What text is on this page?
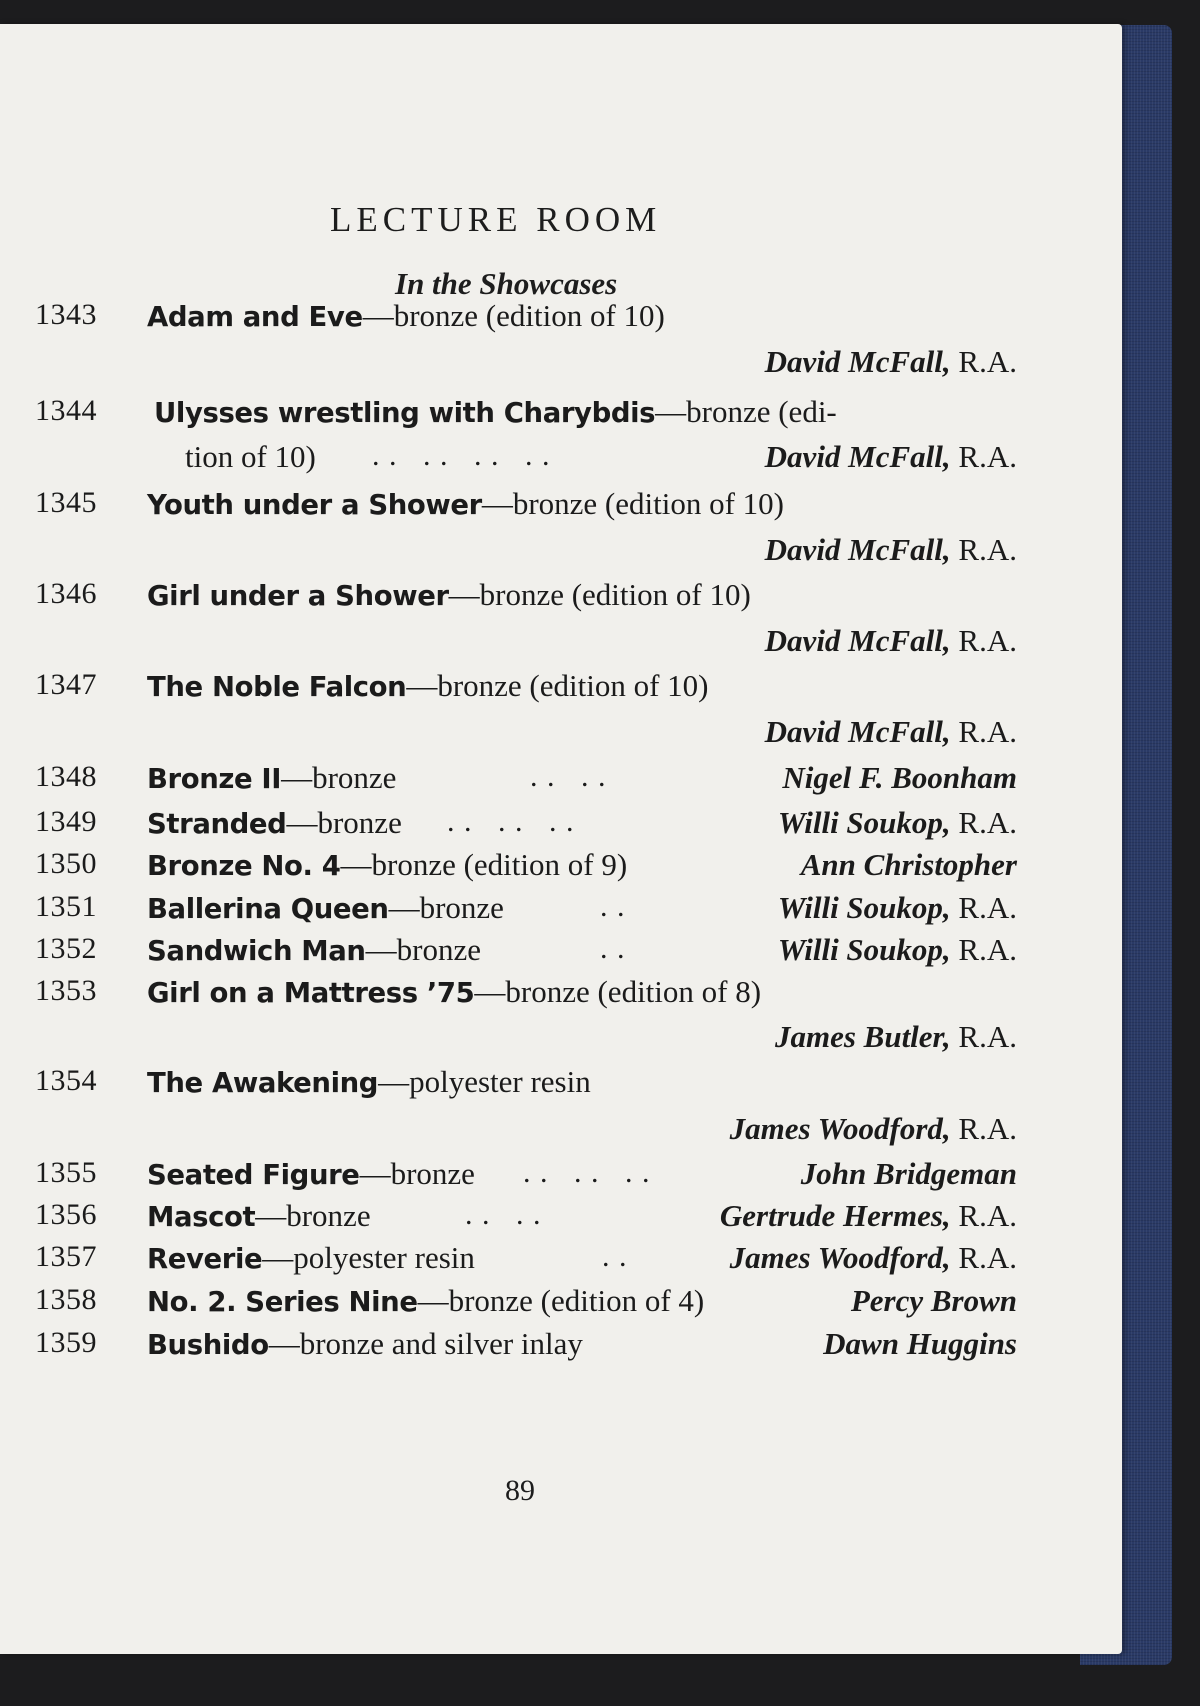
LECTURE ROOM
In the Showcases
1343 Adam and Eve—bronze (edition of 10)
David McFall, R.A.
1344 Ulysses wrestling with Charybdis—bronze (edi-
tion of 10) . .   . .   . .   . .	David McFall, R.A.
1345 Youth under a Shower—bronze (edition of 10)
David McFall, R.A.
1346 Girl under a Shower—bronze (edition of 10)
David McFall, R.A.
1347 The Noble Falcon—bronze (edition of 10)
David McFall, R.A.
1348 Bronze II—bronze	. .   . .	Nigel F. Boonham
1349 Stranded—bronze . .   . .   . .	Willi Soukop, R.A.
1350 Bronze No. 4—bronze (edition of 9)	Ann Christopher
1351 Ballerina Queen—bronze	. .	Willi Soukop, R.A.
1352 Sandwich Man—bronze	. .	Willi Soukop, R.A.
1353 Girl on a Mattress ’75—bronze (edition of 8)
James Butler, R.A.
1354 The Awakening—polyester resin
James Woodford, R.A.
1355 Seated Figure—bronze . .   . .   . .	John Bridgeman
1356 Mascot—bronze	. .   . .	Gertrude Hermes, R.A.
1357 Reverie—polyester resin	. .	James Woodford, R.A.
1358 No. 2. Series Nine—bronze (edition of 4)	Percy Brown
1359 Bushido—bronze and silver inlay	Dawn Huggins
89
